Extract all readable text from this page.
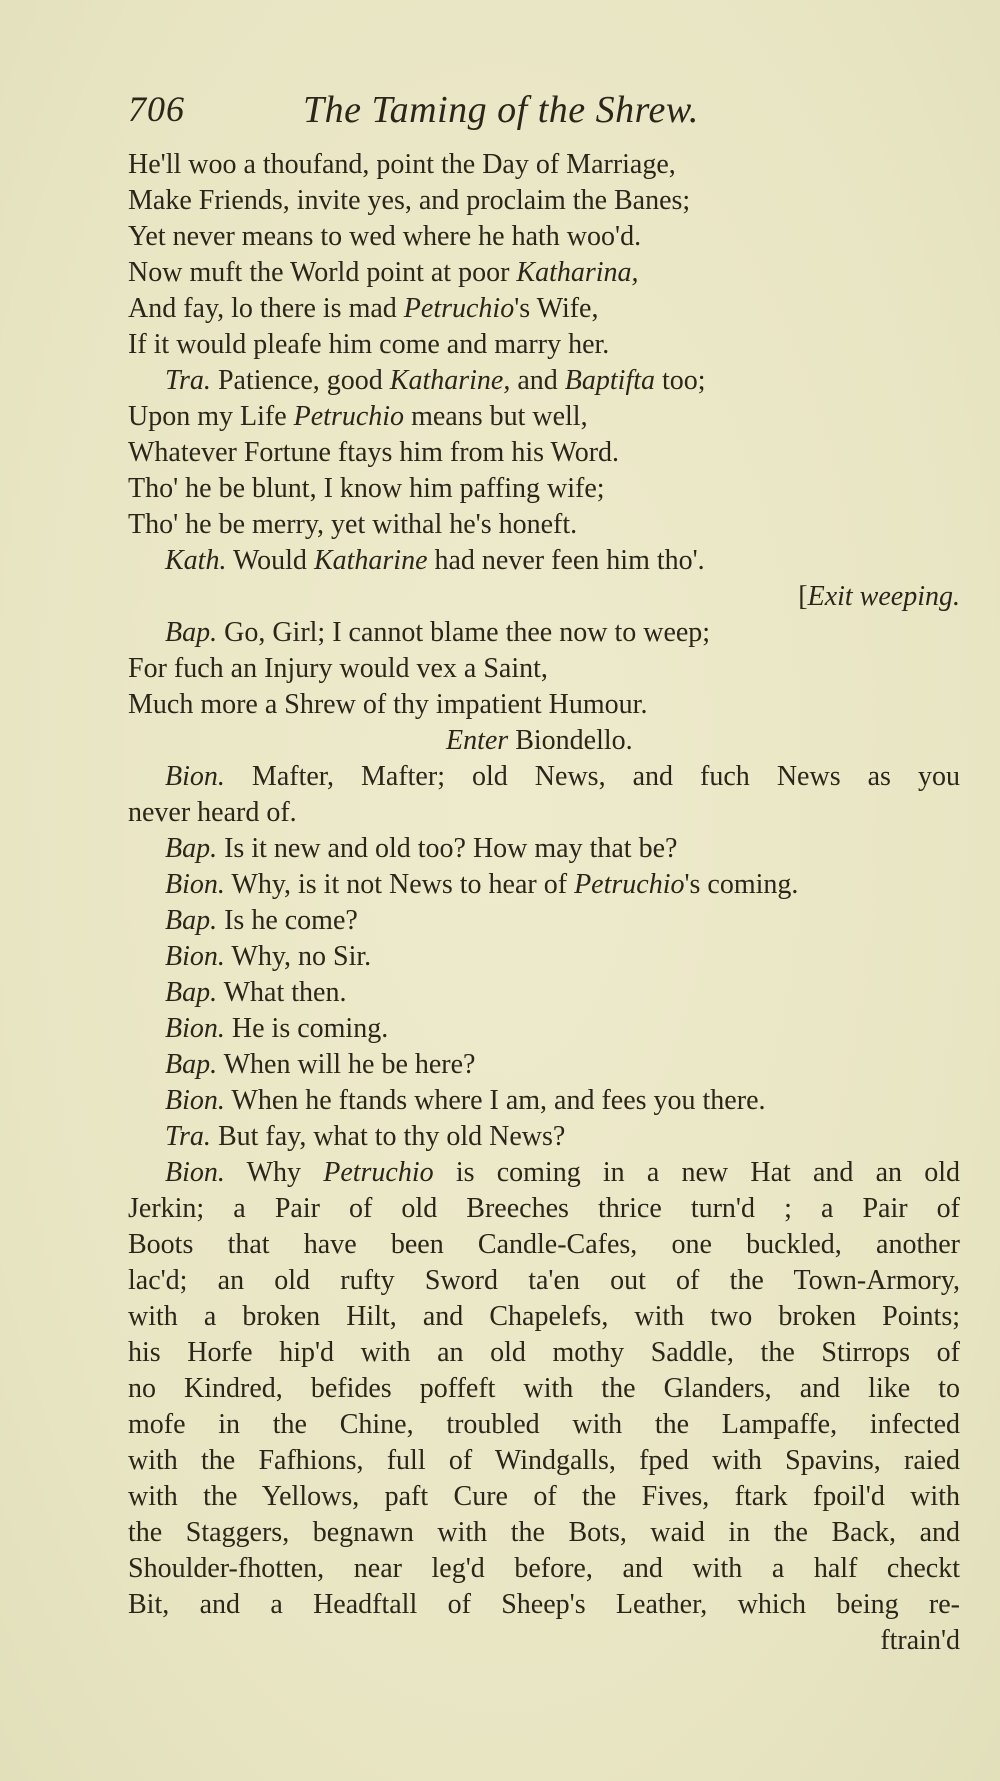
706	The Taming of the Shrew.
He'll woo a thoufand, point the Day of Marriage,
Make Friends, invite yes, and proclaim the Banes;
Yet never means to wed where he hath woo'd.
Now muft the World point at poor Katharina,
And fay, lo there is mad Petruchio's Wife,
If it would pleafe him come and marry her.
Tra. Patience, good Katharine, and Baptifta too;
Upon my Life Petruchio means but well,
Whatever Fortune ftays him from his Word.
Tho' he be blunt, I know him paffing wife;
Tho' he be merry, yet withal he's honeft.
Kath. Would Katharine had never feen him tho'.
[Exit weeping.
Bap. Go, Girl; I cannot blame thee now to weep;
For fuch an Injury would vex a Saint,
Much more a Shrew of thy impatient Humour.
Enter Biondello.
Bion. Mafter, Mafter; old News, and fuch News as you
never heard of.
Bap. Is it new and old too? How may that be?
Bion. Why, is it not News to hear of Petruchio's coming.
Bap. Is he come?
Bion. Why, no Sir.
Bap. What then.
Bion. He is coming.
Bap. When will he be here?
Bion. When he ftands where I am, and fees you there.
Tra. But fay, what to thy old News?
Bion. Why Petruchio is coming in a new Hat and an old
Jerkin; a Pair of old Breeches thrice turn'd ; a Pair of
Boots that have been Candle-Cafes, one buckled, another
lac'd; an old rufty Sword ta'en out of the Town-Armory,
with a broken Hilt, and Chapelefs, with two broken Points;
his Horfe hip'd with an old mothy Saddle, the Stirrops of
no Kindred, befides poffeft with the Glanders, and like to
mofe in the Chine, troubled with the Lampaffe, infected
with the Fafhions, full of Windgalls, fped with Spavins, raied
with the Yellows, paft Cure of the Fives, ftark fpoil'd with
the Staggers, begnawn with the Bots, waid in the Back, and
Shoulder-fhotten, near leg'd before, and with a half checkt
Bit, and a Headftall of Sheep's Leather, which being re-
ftrain'd
